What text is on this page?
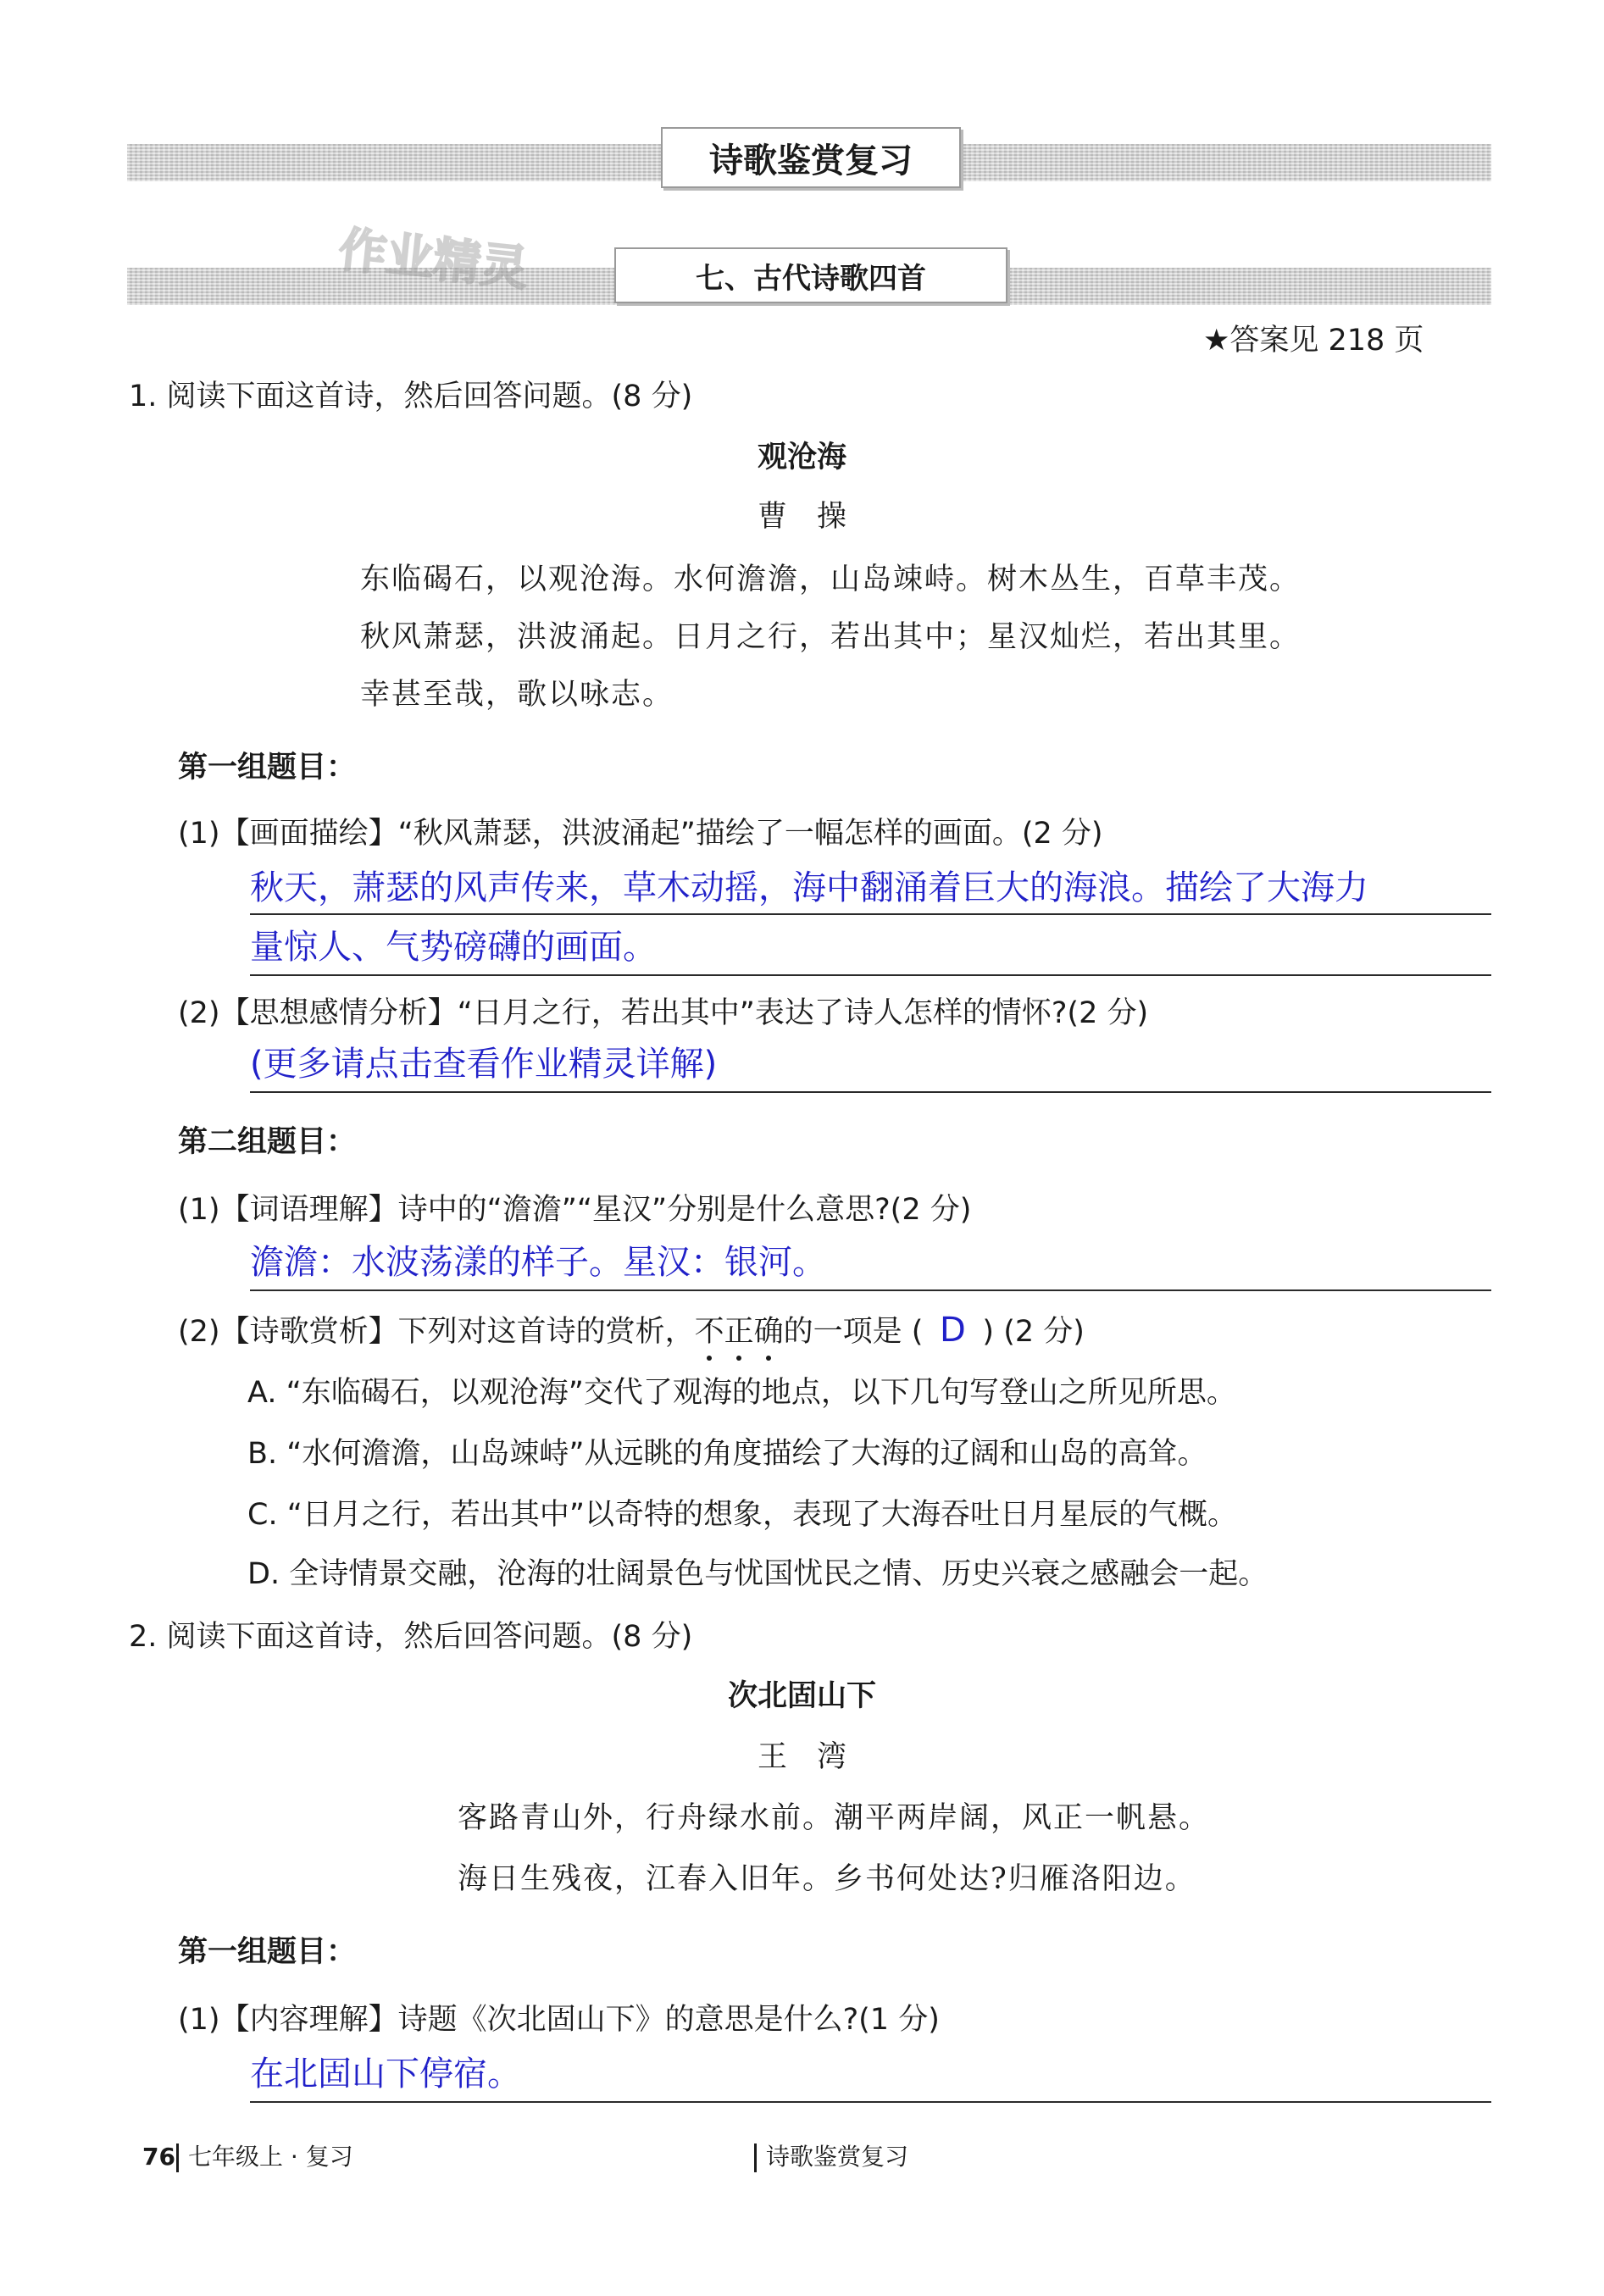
诗歌鉴赏复习
七、古代诗歌四首
作业精灵
★答案见 218 页
1. 阅读下面这首诗，然后回答问题。(8 分)
观沧海
曹　操
东临碣石，以观沧海。水何澹澹，山岛竦峙。树木丛生，百草丰茂。
秋风萧瑟，洪波涌起。日月之行，若出其中；星汉灿烂，若出其里。
幸甚至哉，歌以咏志。
第一组题目：
(1)【画面描绘】“秋风萧瑟，洪波涌起”描绘了一幅怎样的画面。(2 分)
秋天，萧瑟的风声传来，草木动摇，海中翻涌着巨大的海浪。描绘了大海力
量惊人、气势磅礴的画面。
(2)【思想感情分析】“日月之行，若出其中”表达了诗人怎样的情怀?(2 分)
(更多请点击查看作业精灵详解)
第二组题目：
(1)【词语理解】诗中的“澹澹”“星汉”分别是什么意思?(2 分)
澹澹：水波荡漾的样子。星汉：银河。
(2)【诗歌赏析】下列对这首诗的赏析，不正确的一项是 ( D ) (2 分)
A. “东临碣石，以观沧海”交代了观海的地点，以下几句写登山之所见所思。
B. “水何澹澹，山岛竦峙”从远眺的角度描绘了大海的辽阔和山岛的高耸。
C. “日月之行，若出其中”以奇特的想象，表现了大海吞吐日月星辰的气概。
D. 全诗情景交融，沧海的壮阔景色与忧国忧民之情、历史兴衰之感融会一起。
2. 阅读下面这首诗，然后回答问题。(8 分)
次北固山下
王　湾
客路青山外，行舟绿水前。潮平两岸阔，风正一帆悬。
海日生残夜，江春入旧年。乡书何处达?归雁洛阳边。
第一组题目：
(1)【内容理解】诗题《次北固山下》的意思是什么?(1 分)
在北固山下停宿。
76 七年级上 · 复习	诗歌鉴赏复习
